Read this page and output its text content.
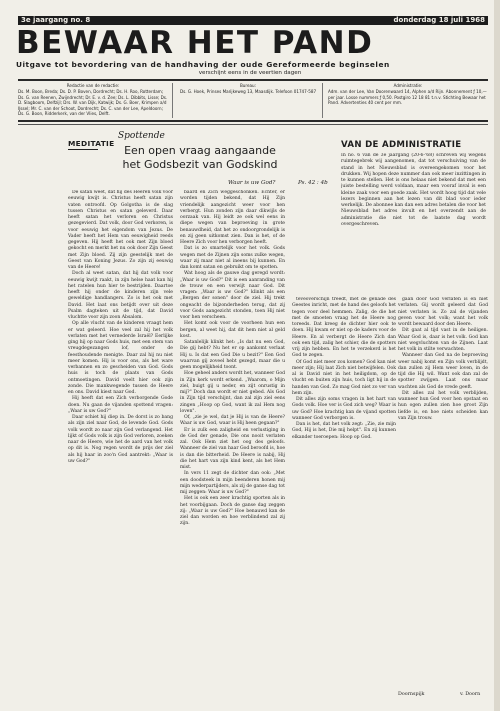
3e jaargang no. 8	donderdag 18 juli 1968
BEWAAR HET PAND
Uitgave tot bevordering van de handhaving der oude Gereformeerde beginselen
verschijnt eens in de veertien dagen
Redactie van de redactie:
Ds. M. Boon, Breda; Ds. D. P. Boven, Dordrecht; Ds. H. Roo, Rotterdam; Ds. G. van Reenen, Zwijndrecht; Dr. E. v. d. Zee; Ds. L. Dibbits, Lisse; Ds. D. Slagboom, Delfzijl; Drs. W. van Dijk, Katwijk; Ds. G. Boer, Krimpen a/d IJssel; Mr. C. van der Schoot, Dordrecht; Ds. C. van der Lee, Apeldoorn; Ds. G. Boon, Ridderkerk, van der Vlies, Delft.
Bureau:
Ds. G. Hoek, Prinses Marijkeweg 13, Maasdijk. Telefoon 01747-587
Administratie:
Adm. van der Lee, Van Doorenwaard 14, Alphen a/d Rijn. Abonnement ƒ 10,— per jaar. Losse nummers ƒ 0,50. Postgiro 12 18 81 t.n.v. Stichting Bewaar het Pand. Advertenties 40 cent per mm.
MEDITATIE
Spottende
Een open vraag aangaande
het Godsbezit van Godskind
Waar is uw God?	Ps. 42 : 4b
VAN DE ADMINISTRATIE
In no. 6 van de 3e jaargang (20-6-'68) schreven wij wegens ruimtegebrek wij aangenomen, dat tot verschuiving van de stand in het Nieuwsblad is overeengekomen voor het drukken. Wij hopen deze nummer dan ook meer inzittingen in te kunnen stellen. Het is ons helaas niet bekend dat met een juiste bestelling werd voldaan, maar een vooraf inval is een kleine zaak voor een goede zaak. Het wordt hoog tijd dat vele lezers beginnen aan het lezen van dit blad voor ieder werkelijk. De abonnee kan dan een adres betalen die voor het Nieuwsblad het adres invult en het overzendt aan de administratie die niet tot de laatste dag wordt overgeschreven.

De satan weet, dat hij des Heeren volk voor eeuwig kwijt is. Christus heeft satan zijn vaten ontroofd. Op Golgotha is de slag tussen Christus en satan geleverd. Daar heeft satan het verloren en Christus gezegevierd. Dat volk, door God verkoren, is voor eeuwig het eigendom van Jezus. De Vader heeft het Hem van eeuwigheid reeds gegeven. Hij heeft het ook met Zijn bloed gekocht en merkt het nu ook door Zijn Geest met Zijn bloed. Zij zijn geestelijk met de Geest van Koning Jezus. Zo zijn zij eeuwig van de Heere!

Doch al weet satan, dat hij dat volk voor eeuwig kwijt raakt, in zijn helse haat kan hij het ratelen hun hier te bestrijden. Daartoe heeft hij onder de kinderen zijn vele geweldige handlangers. Zo is het ook met David. Het laat ons betijdt over uit deze Psalm dagteken uit de tijd, dat David vluchtte voor zijn zoon Absalom.

Op alle vlucht van de kinderen vraagt hem er wat geleerd. Hoe veel zal hij het volk verlaten met het vernederde Israël? Eerlijke ging hij op naar Gods huis, met een stem van vreugdegezangen lof, onder de feesthoudende menigte. Daar zal hij nu niet meer komen. Hij is voor ons, als het ware verbannen en zo gescheiden van God. Gods huis is toch de plaats van Gods ontmoetingen. David voelt hier ook zijn zonde. Die mankwegende tussen de Heere en ons. David kiest naar God.

Hij heeft dat een Zich verborgende Gode doen. Nu gaan de vijanden spottend vragen: „Waar is uw God?"

Daar schiet hij diep in. De dorst is zo bang als zijn ziel naar God, de levende God. Gods volk wordt zo naar zijn God verlangend. Het lijkt of Gods volk is zijn God verloren, zoeken naar de Heere, wie het de aard van het volk op dit is. Nog regen wordt de prijs der ziel als hij haar in zoo'n God aantrekt: „Waar is uw God?"

baard en Zich weggeschonken. Echter, er worden tijden bekend, dat Hij Zijn vriendelijk aangezicht weer voor hen verbergt. Hun zonden zijn daar dikwijls de oorzaak van. Hij leidt ze ook wel eens in diepe wegen van beproeving in grote benauwdheid, dat het zo ondoorgrondelijk is en zij geen uitkomst zien. Dan is het, of de Heere Zich voor hen verborgen heeft.

Dat is zo smartelijk voor het volk. Gods wegen met de Zijnen zijn soms zulke wegen, waar zij maar niet al ineens bij kunnen. En dan komt satan en gebruikt om te spotten.

Wat hoog als de gauwe dag geregd wordt: „Waar is uw God?" Dit is een aanranding van de trouw en een verwijt naar God. Dit vragen: „Waar is uw God?" klinkt als een „Bergen der sonen" door de ziel. Hij trekt ongeacht de bijzonderheden terug, dat zij voor Gods aangezicht stonden, toen Hij niet voor hen verscheen.

Het komt ook voor de voorheen hun een bergen, al weet hij, dat dit hem niet al geld kost.

Satanlelijk klinkt het: „Is dat nu een God, Die gij hebt? Nu het er op aankomt verlaat Hij u. Is dat een God Die u bezit?" Een God waarvan gij zoveel hebt gezegd, maar die u geen mogelijkheid toont.

Hoe geheel anders wordt het, wanneer God in Zijn kerk wordt erkend. „Waarom, o Mijn ziel, buigt gij u neder, en zijt onrustig in mij?" Doch dan wordt er niet gebed. Als God in Zijn tijd verschijnt, dan zal zijn ziel eens zingen „Hoop op God, want ik zal Hem nog loven".

Of, „zie je wel, dat je Hij is van de Heere? Waar is uw God, waar is Hij heen gegaan?"

Er is zulk een zaligheid en verlustiging in de God der genade, Die ons nooit verlaten zal. Ook Hem ziet het oog des geloofs. Wanneer de ziel van haar God beroofd is, hoe is dan die bitterheid. De Heere is nabij, Hij die het hart van zijn kind kent, als het Hem mist.

In vers 11 zegt de dichter dan ook: „Met een doodsteek in mijn beenderen honen mij mijn wederpartijders, als zij de ganse dag tot mij zeggen: Waar is uw God?"

Het is ook een zeer krachtig sporten als in het voorbijgaan. Doch de ganse dag zeggen zij: „Waar is uw God?" Hoe benauwd kan de ziel dan worden en hoe verblindend zal zij zijn.

teveoverschijn treedt, met de genade des Geestes inricht, met de hand des geloofs het tegen voor deel hemmen. Zalig, de die het met de smoeten vraag het de Heere nog toreeds. Dat kreeg de dichter hier ook te doen. Hij kwam er niet op de kaders voor de Heere. En al verbergt de Heere Zich dan ook een tijd, zalig het schier, die de spotters vrij zijn hebben. En het te verzekerd is het God te zegen.

Of God niet meer zou komen? God kan niet meer zijn; Hij laat Zich niet betwijfelen. Ook al is David niet in het heiligdom, op de vlucht en buiten zijn huis, toch ligt hij in de handen van God. Zo mag God niet zo ver van hem zijn.

Dit alles zijn soms vragen in het hart van Gods volk. Hoe ver is God zich weg? Waar is uw God? Hoe krachtig kan de vijand spotten wanneer God verborgen is.

Dan is het, dat het volk zegt: „Zie, zie mijn God, Hij is het, Die mij helpt". En zij kunnen elkander toeroepen: Hoop op God.

gaan door God verlaten is en niet verlaten. Gij wordt geleerd dat God niet verlaten is. Zo zal de vijanden geven voor het volk; want het volk wordt bewaard door den Heere.

Dit gaat al tijd vast in de heiligen. Waar God is, daar is het volk. God kan niet wegvluchten van de Zijnen. Laat het volk in stilte verwachten.

Wanneer dan God na de beproeving weer nabij komt en Zijn volk verblijdt, dan zullen zij Hem weer loven, in de tijd die Hij wil. Want ook dan zal de spotter zwijgen. Laat ons maar wachten als God de vrede geeft.

Dit alles zal het volk verblijden, wanneer hun God voor hen opstaat en hun ogen zullen zien hoe groot Zijn liefde is, en hoe niets scheiden kan van Zijn trouw.

Doornspijk	v. Doorn
